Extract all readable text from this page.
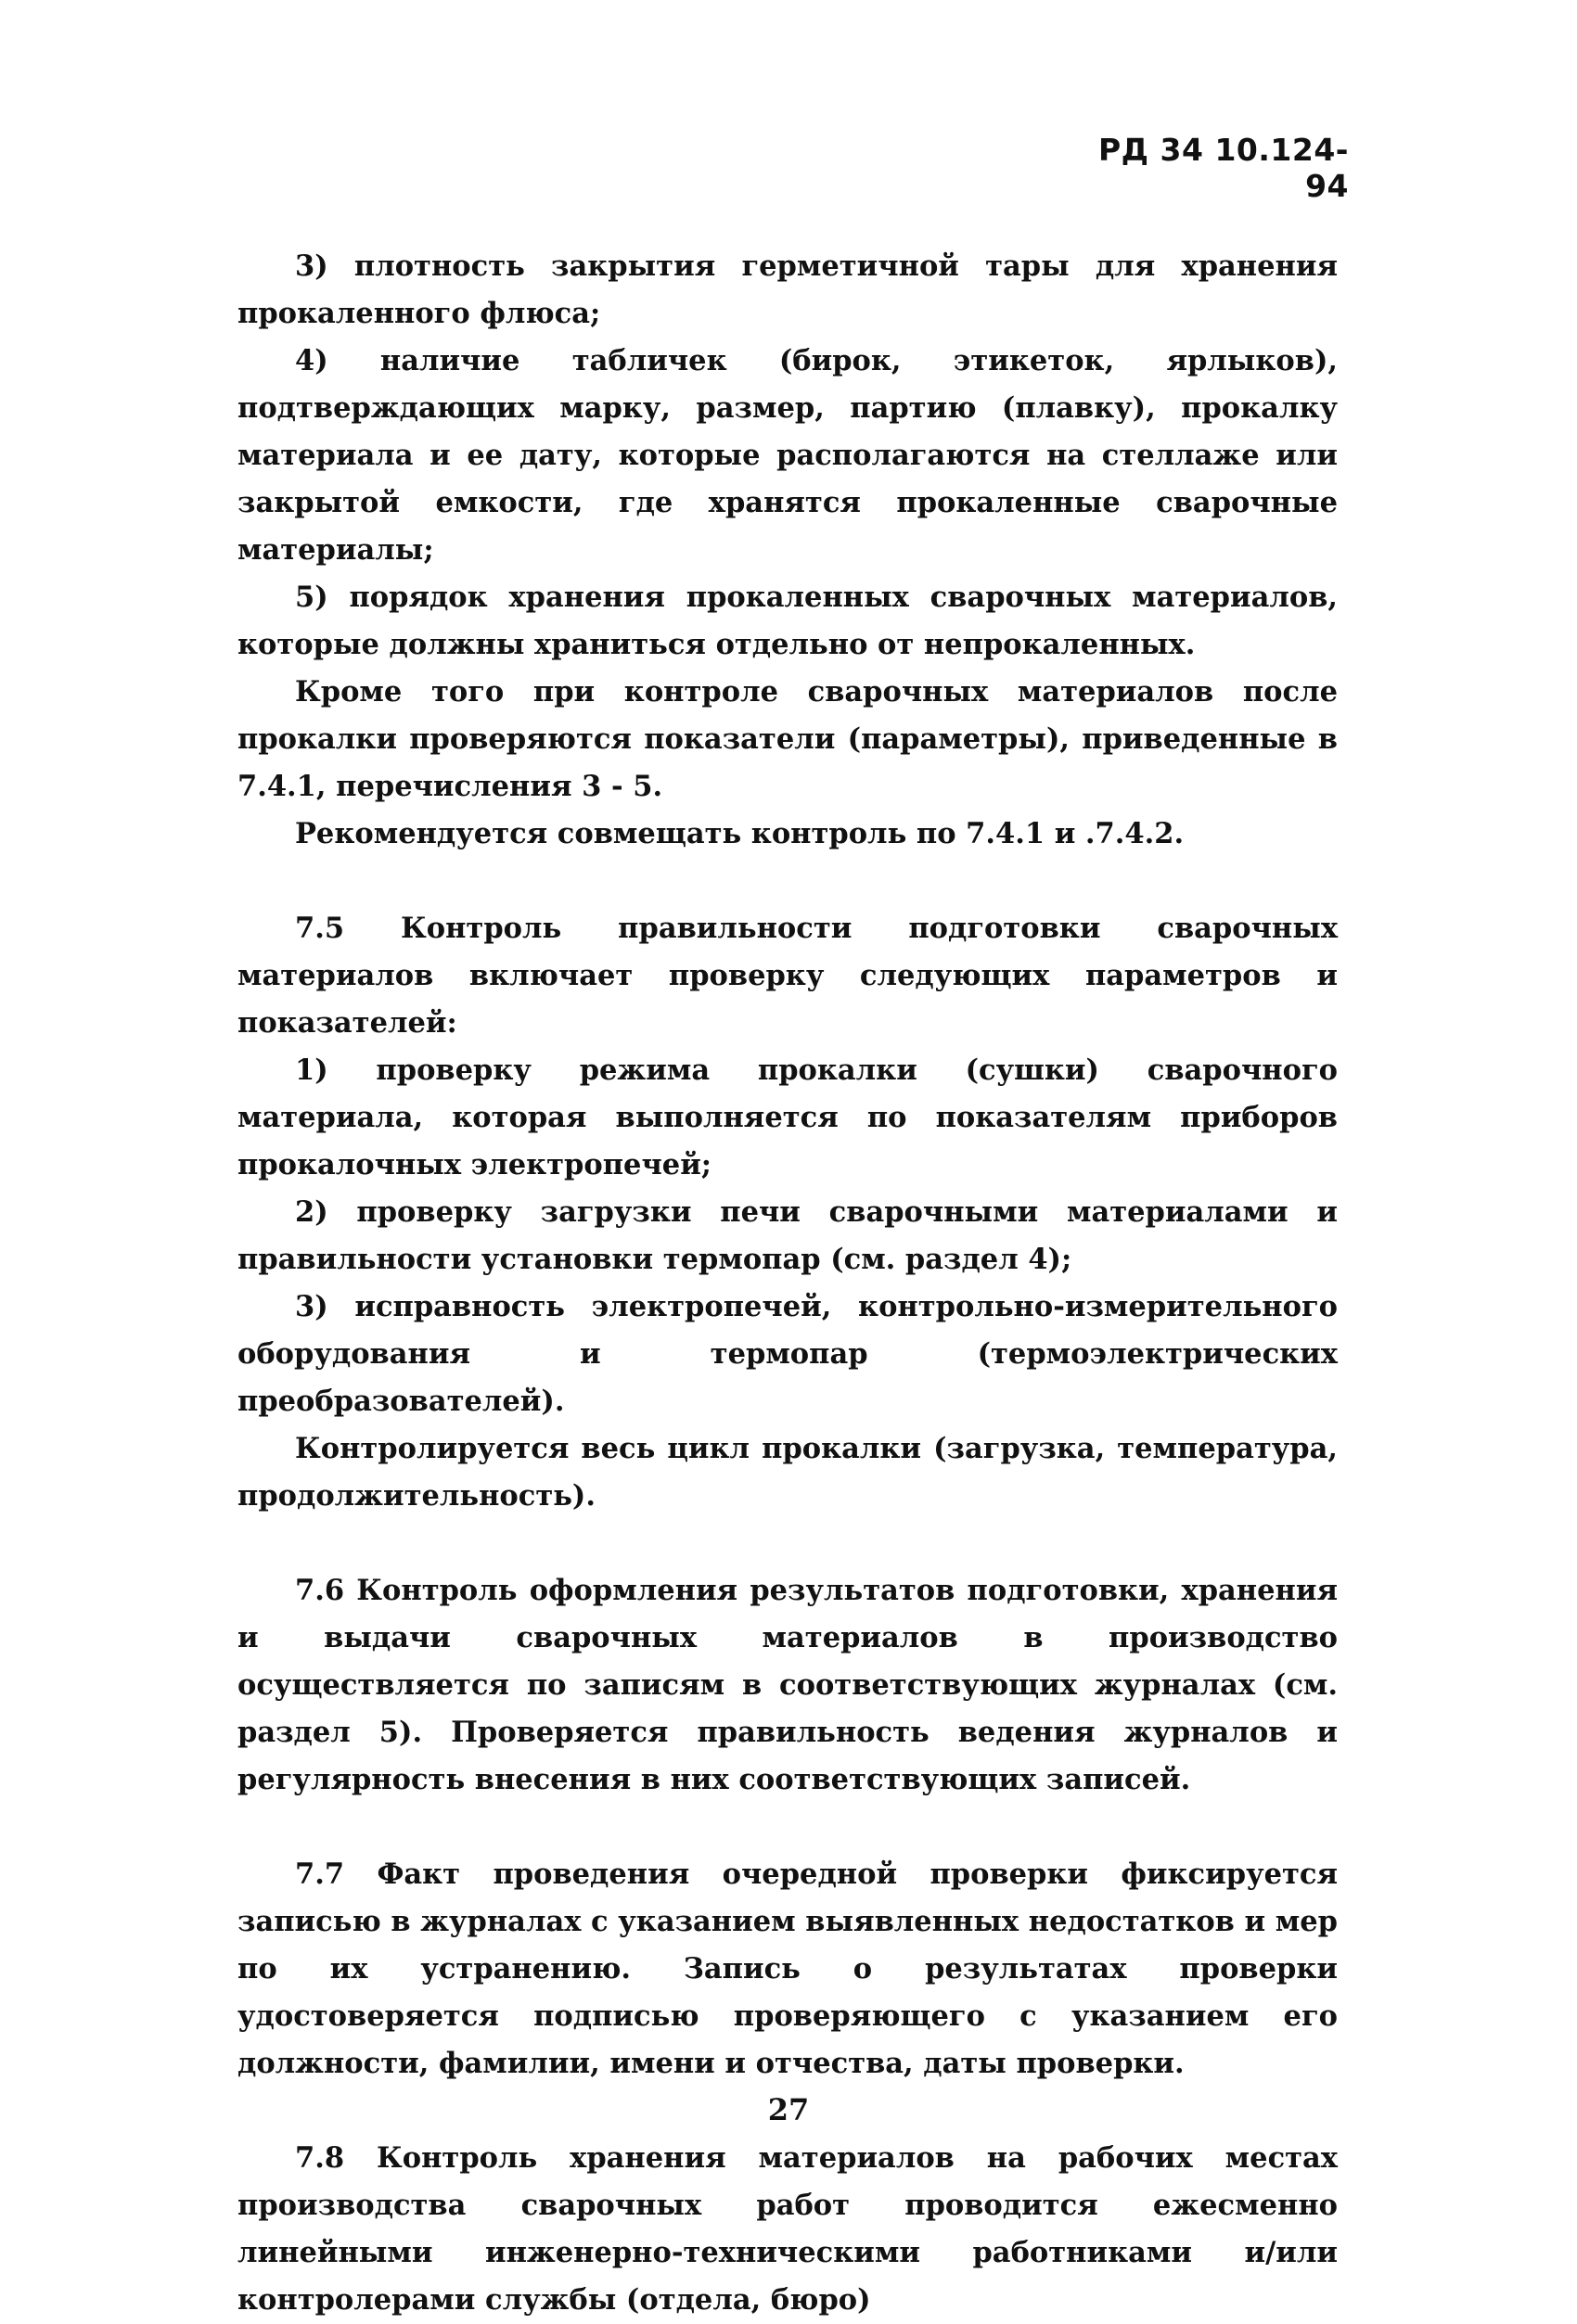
РД 34 10.124-94

3) плотность закрытия герметичной тары для хранения прокаленного флюса;

4) наличие табличек (бирок, этикеток, ярлыков), подтверждающих марку, размер, партию (плавку), прокалку материала и ее дату, которые располагаются на стеллаже или закрытой емкости, где хранятся прокаленные сварочные материалы;

5) порядок хранения прокаленных сварочных материалов, которые должны храниться отдельно от непрокаленных.

Кроме того при контроле сварочных материалов после прокалки проверяются показатели (параметры), приведенные в 7.4.1, перечисления 3 - 5.

Рекомендуется совмещать контроль по 7.4.1 и .7.4.2.

7.5 Контроль правильности подготовки сварочных материалов включает проверку следующих параметров и показателей:

1) проверку режима прокалки (сушки) сварочного материала, которая выполняется по показателям приборов прокалочных электропечей;

2) проверку загрузки печи сварочными материалами и правильности установки термопар (см. раздел 4);

3) исправность электропечей, контрольно-измерительного оборудования и термопар (термоэлектрических преобразователей).

Контролируется весь цикл прокалки (загрузка, температура, продолжительность).

7.6 Контроль оформления результатов подготовки, хранения и выдачи сварочных материалов в производство осуществляется по записям в соответствующих журналах (см. раздел 5). Проверяется правильность ведения журналов и регулярность внесения в них соответствующих записей.

7.7 Факт проведения очередной проверки фиксируется записью в журналах с указанием выявленных недостатков и мер по их устранению. Запись о результатах проверки удостоверяется подписью проверяющего с указанием его должности, фамилии, имени и отчества, даты проверки.

7.8 Контроль хранения материалов на рабочих местах производства сварочных работ проводится ежесменно линейными инженерно-техническими работниками и/или контролерами службы (отдела, бюро)

27
